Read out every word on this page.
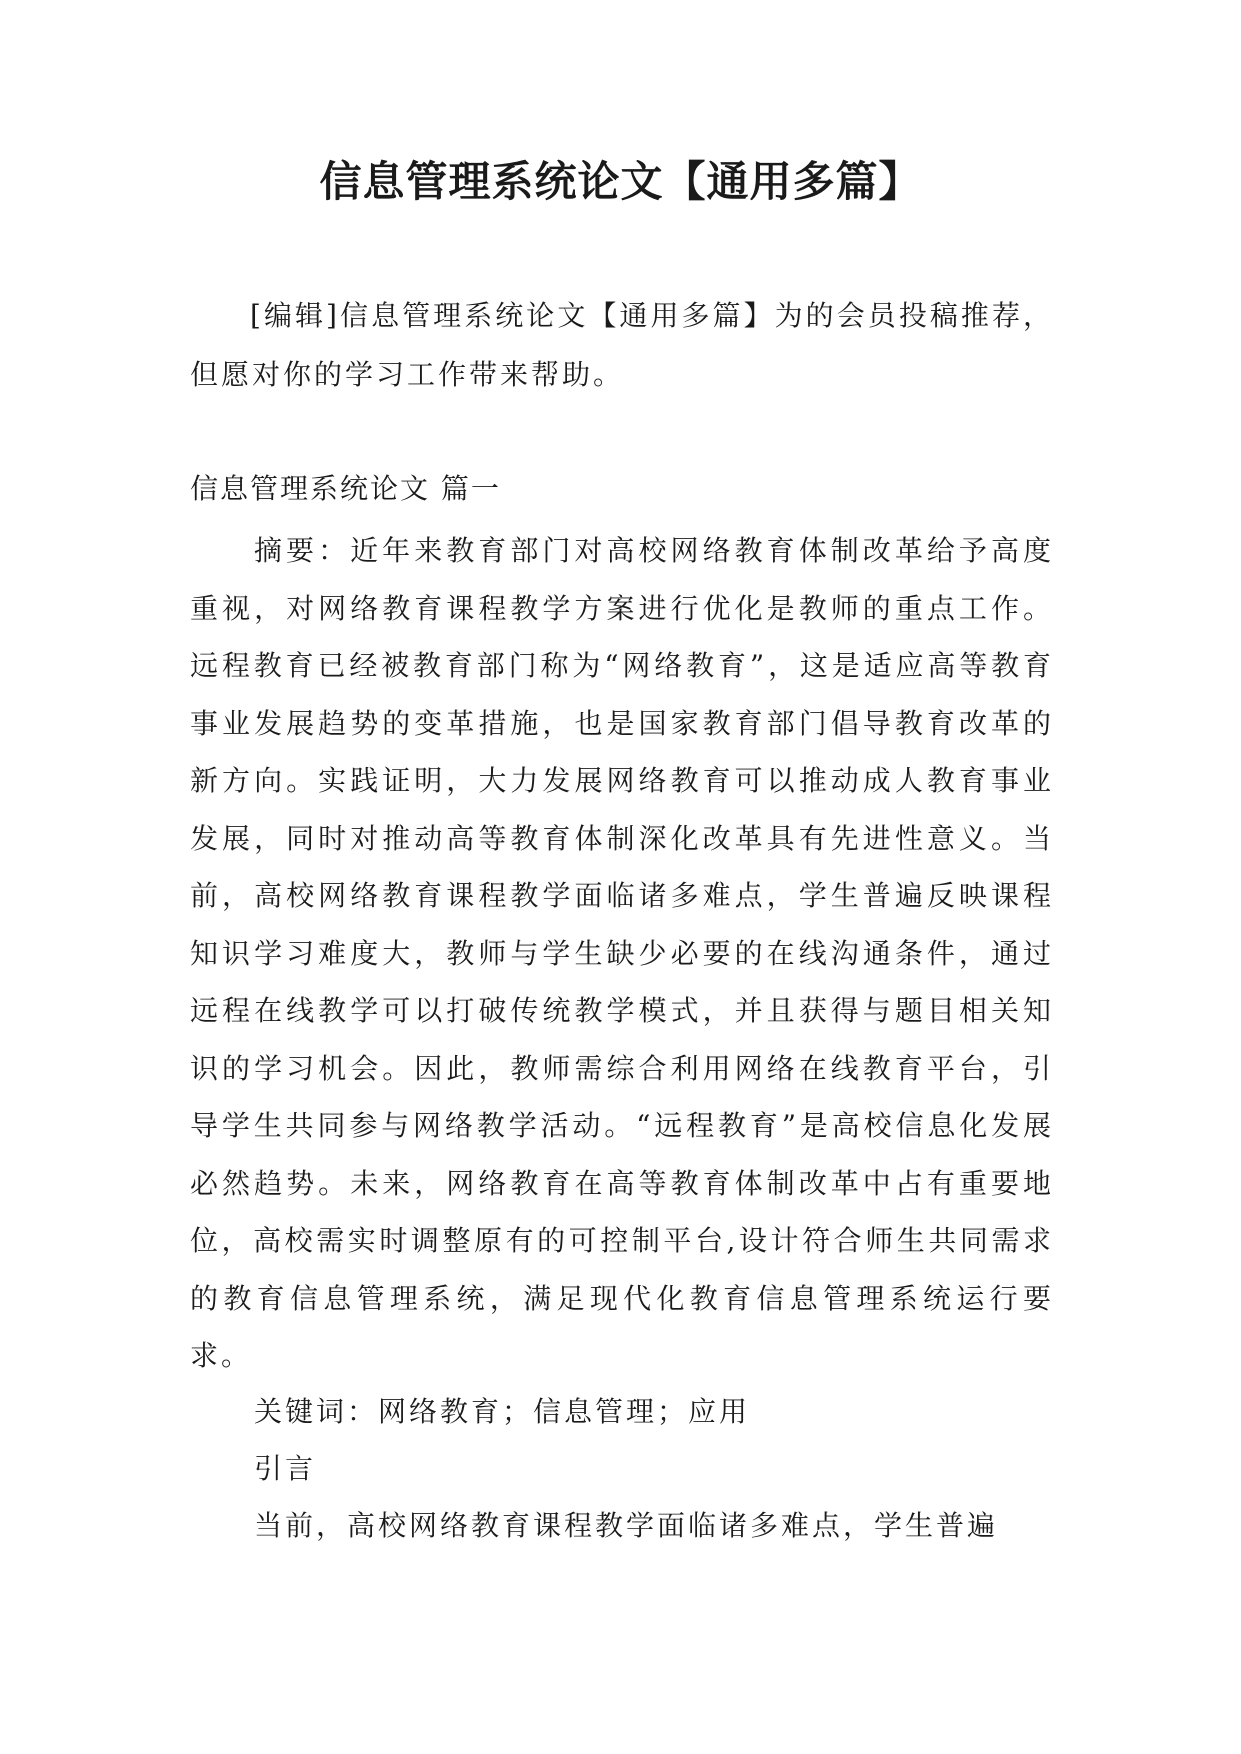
信息管理系统论文【通用多篇】

[编辑]信息管理系统论文【通用多篇】为的会员投稿推荐，但愿对你的学习工作带来帮助。

信息管理系统论文 篇一

摘要：近年来教育部门对高校网络教育体制改革给予高度重视，对网络教育课程教学方案进行优化是教师的重点工作。远程教育已经被教育部门称为“网络教育”，这是适应高等教育事业发展趋势的变革措施，也是国家教育部门倡导教育改革的新方向。实践证明，大力发展网络教育可以推动成人教育事业发展，同时对推动高等教育体制深化改革具有先进性意义。当前，高校网络教育课程教学面临诸多难点，学生普遍反映课程知识学习难度大，教师与学生缺少必要的在线沟通条件，通过远程在线教学可以打破传统教学模式，并且获得与题目相关知识的学习机会。因此，教师需综合利用网络在线教育平台，引导学生共同参与网络教学活动。“远程教育”是高校信息化发展必然趋势。未来，网络教育在高等教育体制改革中占有重要地位，高校需实时调整原有的可控制平台,设计符合师生共同需求的教育信息管理系统，满足现代化教育信息管理系统运行要求。

关键词：网络教育；信息管理；应用

引言

当前，高校网络教育课程教学面临诸多难点，学生普遍
